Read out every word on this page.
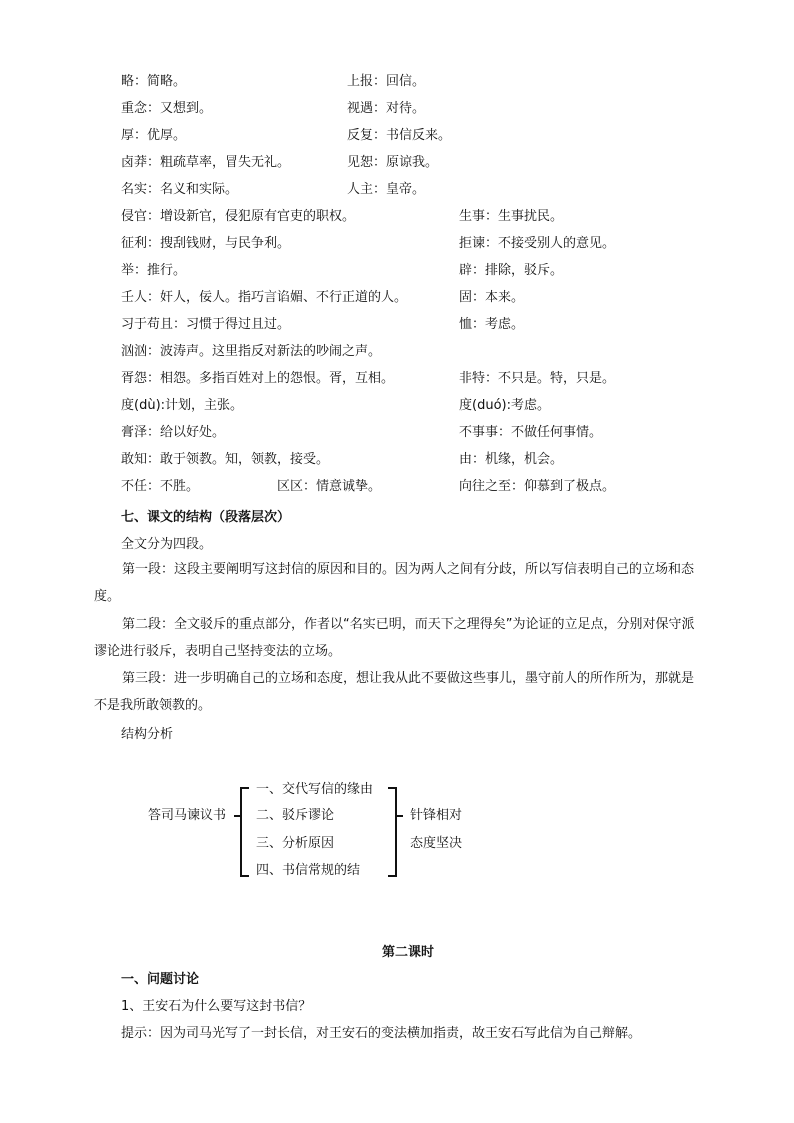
略：简略。	上报：回信。
重念：又想到。	视遇：对待。
厚：优厚。	反复：书信反来。
卤莽：粗疏草率，冒失无礼。	见恕：原谅我。
名实：名义和实际。	人主：皇帝。
侵官：增设新官，侵犯原有官吏的职权。	生事：生事扰民。
征利：搜刮钱财，与民争利。	拒谏：不接受别人的意见。
举：推行。	辟：排除，驳斥。
壬人：奸人，佞人。指巧言谄媚、不行正道的人。	固：本来。
习于苟且：习惯于得过且过。	恤：考虑。
汹汹：波涛声。这里指反对新法的吵闹之声。
胥怨：相怨。多指百姓对上的怨恨。胥，互相。	非特：不只是。特，只是。
度(dù):计划，主张。	度(duó):考虑。
膏泽：给以好处。	不事事：不做任何事情。
敢知：敢于领教。知，领教，接受。	由：机缘，机会。
不任：不胜。	区区：情意诚挚。	向往之至：仰慕到了极点。
七、课文的结构（段落层次）
全文分为四段。
第一段：这段主要阐明写这封信的原因和目的。因为两人之间有分歧，所以写信表明自己的立场和态度。
第二段：全文驳斥的重点部分，作者以“名实已明，而天下之理得矣”为论证的立足点，分别对保守派谬论进行驳斥，表明自己坚持变法的立场。
第三段：进一步明确自己的立场和态度，想让我从此不要做这些事儿，墨守前人的所作所为，那就是不是我所敢领教的。
结构分析
答司马谏议书
一、交代写信的缘由
二、驳斥谬论
三、分析原因
四、书信常规的结
针锋相对
态度坚决
第二课时
一、问题讨论
1、王安石为什么要写这封书信？
提示：因为司马光写了一封长信，对王安石的变法横加指责，故王安石写此信为自己辩解。
